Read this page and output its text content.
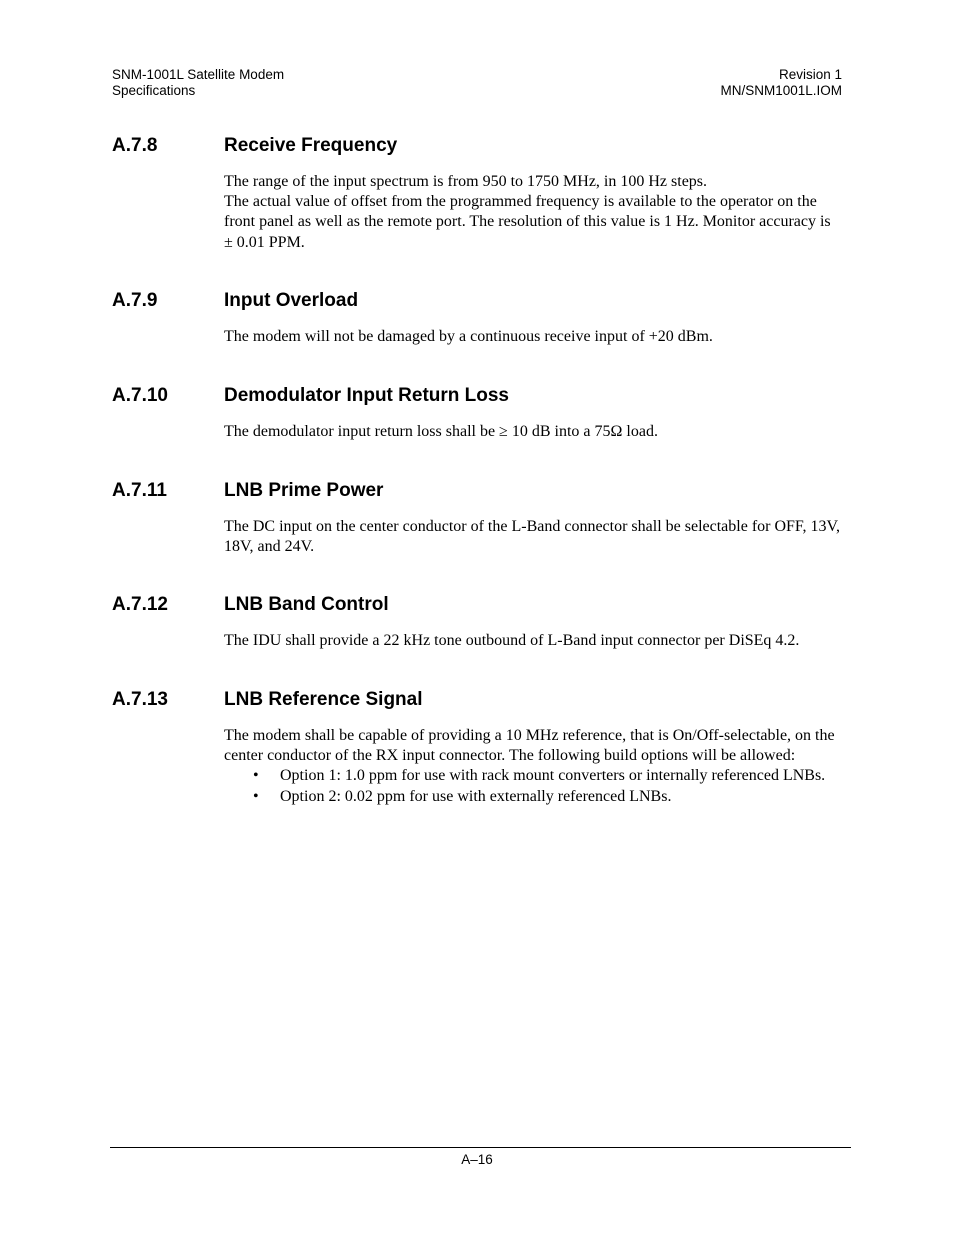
SNM-1001L Satellite Modem
Specifications
Revision 1
MN/SNM1001L.IOM
A.7.8	Receive Frequency

The range of the input spectrum is from 950 to 1750 MHz, in 100 Hz steps.

The actual value of offset from the programmed frequency is available to the operator on the front panel as well as the remote port. The resolution of this value is 1 Hz. Monitor accuracy is ± 0.01 PPM.

A.7.9	Input Overload

The modem will not be damaged by a continuous receive input of +20 dBm.

A.7.10	Demodulator Input Return Loss

The demodulator input return loss shall be ≥ 10 dB into a 75Ω load.

A.7.11	LNB Prime Power

The DC input on the center conductor of the L-Band connector shall be selectable for OFF, 13V, 18V, and 24V.

A.7.12	LNB Band Control

The IDU shall provide a 22 kHz tone outbound of L-Band input connector per DiSEq 4.2.

A.7.13	LNB Reference Signal

The modem shall be capable of providing a 10 MHz reference, that is On/Off-selectable, on the center conductor of the RX input connector. The following build options will be allowed:

• Option 1: 1.0 ppm for use with rack mount converters or internally referenced LNBs.
• Option 2: 0.02 ppm for use with externally referenced LNBs.
A–16
